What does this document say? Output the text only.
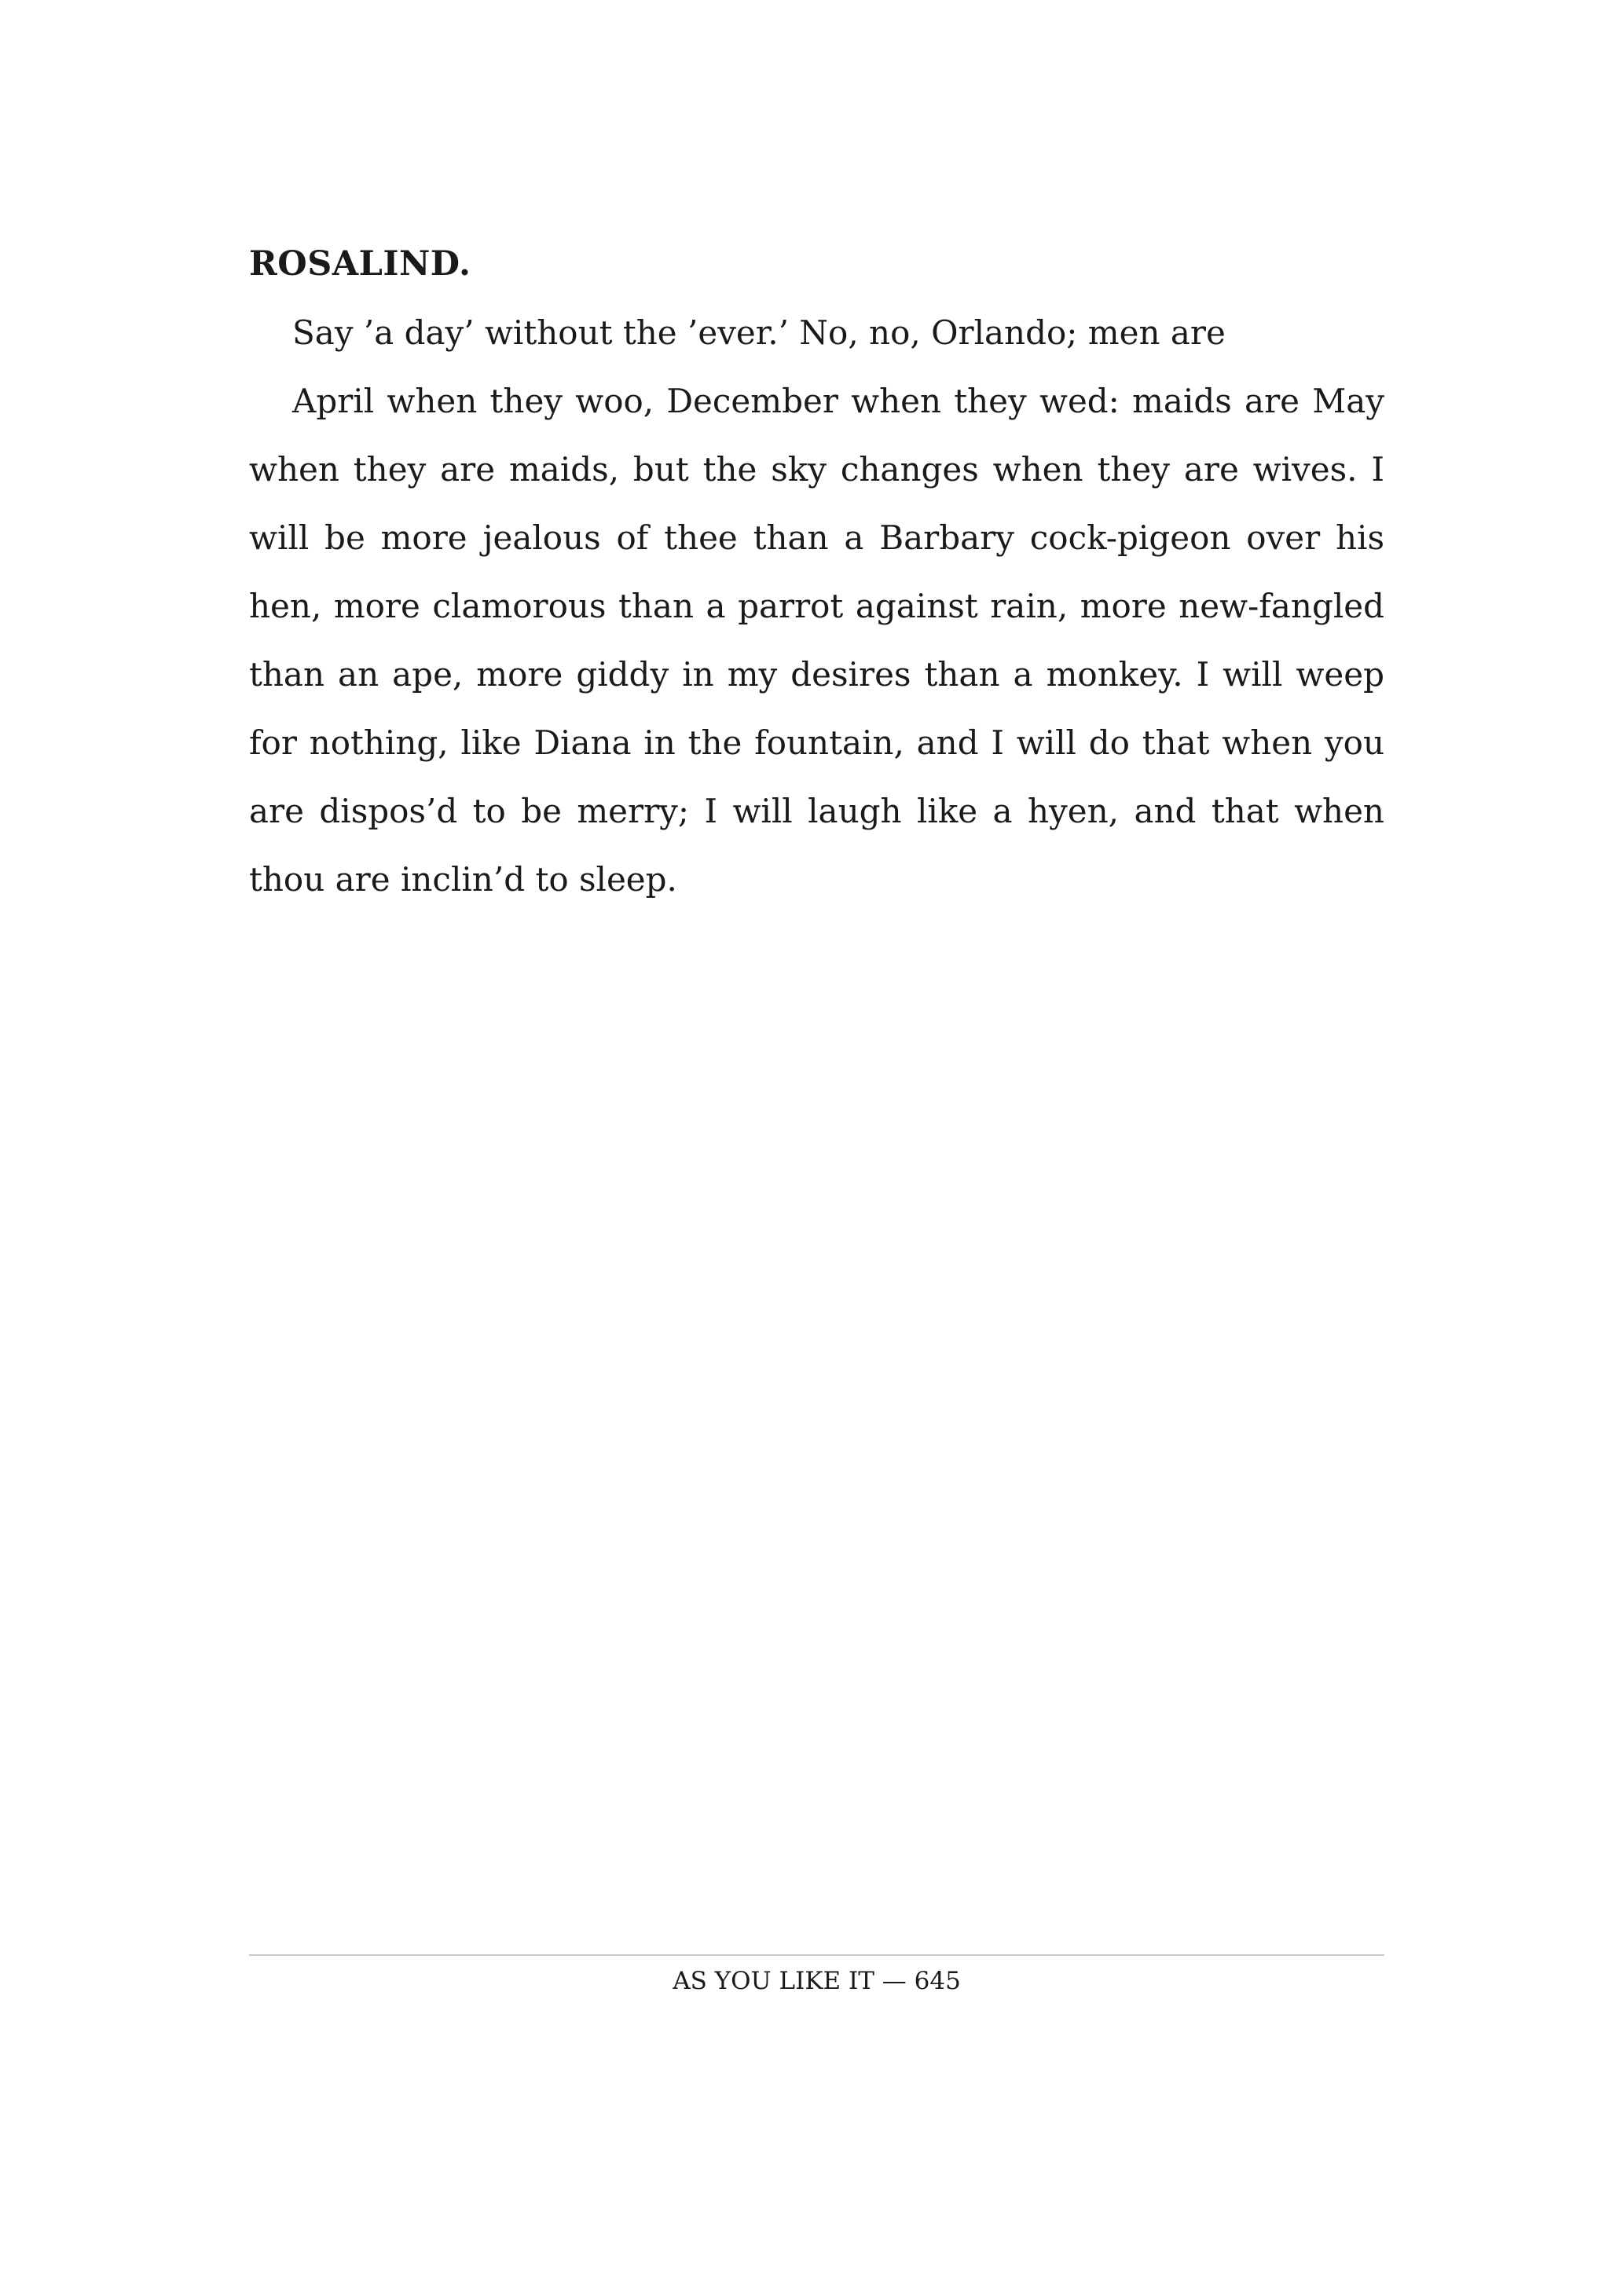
ROSALIND.

Say ’a day’ without the ’ever.’ No, no, Orlando; men are

April when they woo, December when they wed: maids are May

when they are maids, but the sky changes when they are wives. I

will be more jealous of thee than a Barbary cock-pigeon over his

hen, more clamorous than a parrot against rain, more new-fangled

than an ape, more giddy in my desires than a monkey. I will weep

for nothing, like Diana in the fountain, and I will do that when you

are dispos’d to be merry; I will laugh like a hyen, and that when

thou are inclin’d to sleep.

AS YOU LIKE IT — 645
